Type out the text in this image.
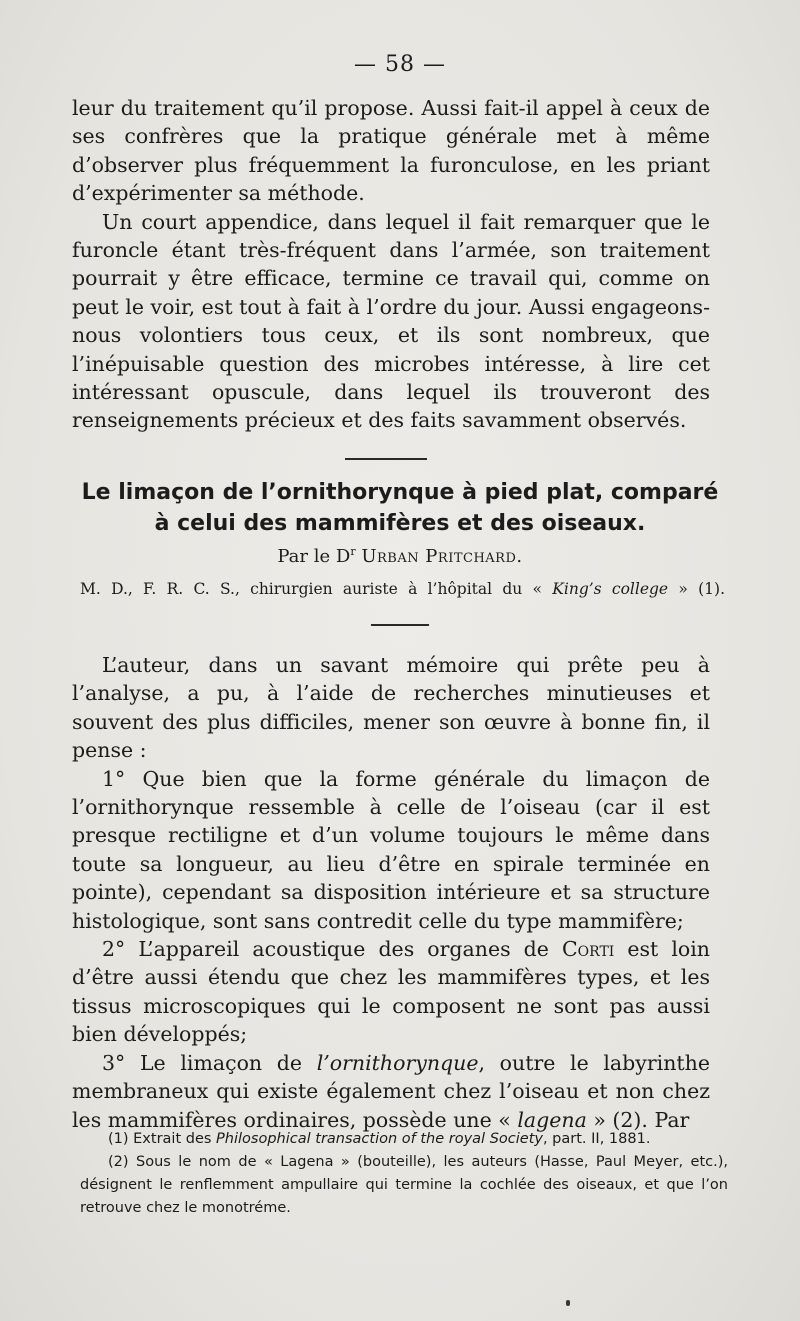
— 58 —

leur du traitement qu’il propose. Aussi fait-il appel à ceux de ses confrères que la pratique générale met à même d’observer plus fréquemment la furonculose, en les priant d’expérimenter sa méthode.

Un court appendice, dans lequel il fait remarquer que le furoncle étant très-fréquent dans l’armée, son traitement pourrait y être efficace, termine ce travail qui, comme on peut le voir, est tout à fait à l’ordre du jour. Aussi engageons-nous volontiers tous ceux, et ils sont nombreux, que l’inépuisable question des microbes intéresse, à lire cet intéressant opuscule, dans lequel ils trouveront des renseignements précieux et des faits savamment observés.

Le limaçon de l’ornithorynque à pied plat, comparé
à celui des mammifères et des oiseaux.
Par le $D^r$ Urban Pritchard.
M. D., F. R. C. S., chirurgien auriste à l’hôpital du « King’s college » (1).

L’auteur, dans un savant mémoire qui prête peu à l’analyse, a pu, à l’aide de recherches minutieuses et souvent des plus difficiles, mener son œuvre à bonne fin, il pense :

1° Que bien que la forme générale du limaçon de l’ornithorynque ressemble à celle de l’oiseau (car il est presque rectiligne et d’un volume toujours le même dans toute sa longueur, au lieu d’être en spirale terminée en pointe), cependant sa disposition intérieure et sa structure histologique, sont sans contredit celle du type mammifère;

2° L’appareil acoustique des organes de Corti est loin d’être aussi étendu que chez les mammifères types, et les tissus microscopiques qui le composent ne sont pas aussi bien développés;

3° Le limaçon de l’ornithorynque, outre le labyrinthe membraneux qui existe également chez l’oiseau et non chez les mammifères ordinaires, possède une « lagena » (2). Par

(1) Extrait des Philosophical transaction of the royal Society, part. II, 1881.

(2) Sous le nom de « Lagena » (bouteille), les auteurs (Hasse, Paul Meyer, etc.), désignent le renflemment ampullaire qui termine la cochlée des oiseaux, et que l’on retrouve chez le monotréme.
